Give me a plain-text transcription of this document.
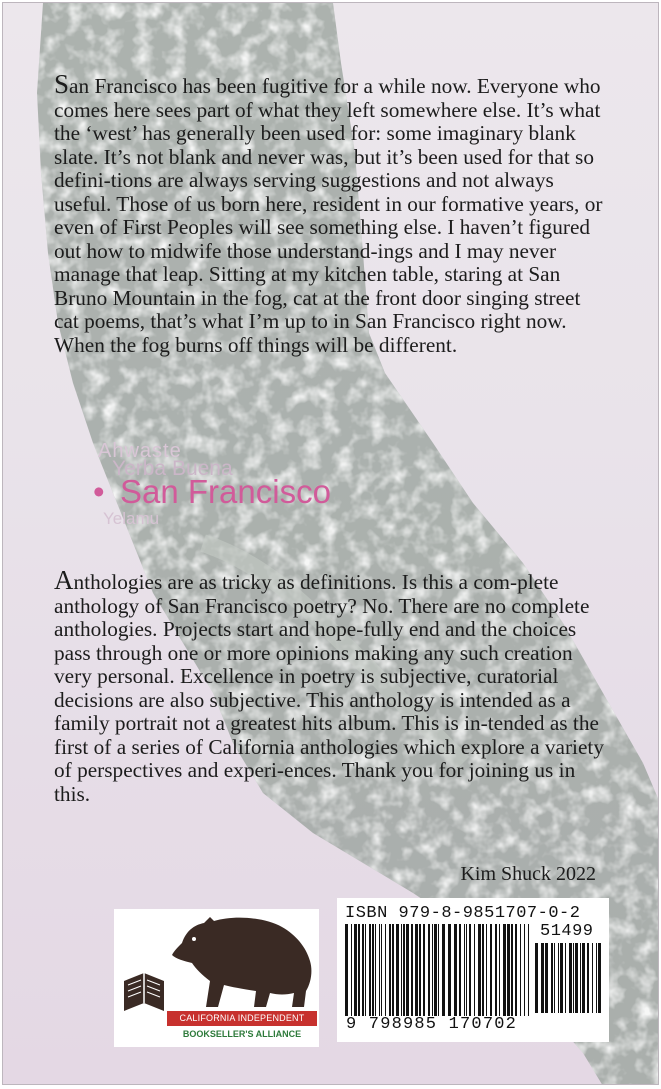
San Francisco has been fugitive for a while now. Everyone who comes here sees part of what they left somewhere else. It’s what the ‘west’ has generally been used for: some imaginary blank slate. It’s not blank and never was, but it’s been used for that so defini-tions are always serving suggestions and not always useful. Those of us born here, resident in our formative years, or even of First Peoples will see something else. I haven’t figured out how to midwife those understand-ings and I may never manage that leap. Sitting at my kitchen table, staring at San Bruno Mountain in the fog, cat at the front door singing street cat poems, that’s what I’m up to in San Francisco right now. When the fog burns off things will be different.

Ahwaste
Yerba Buena
• San Francisco
Yelamu

Anthologies are as tricky as definitions. Is this a com-plete anthology of San Francisco poetry? No. There are no complete anthologies. Projects start and hope-fully end and the choices pass through one or more opinions making any such creation very personal. Excellence in poetry is subjective, curatorial decisions are also subjective. This anthology is intended as a family portrait not a greatest hits album. This is in-tended as the first of a series of California anthologies which explore a variety of perspectives and experi-ences. Thank you for joining us in this.

Kim Shuck 2022

CALIFORNIA INDEPENDENT
BOOKSELLER'S ALLIANCE
ISBN 979-8-9851707-0-2
51499
9 798985 170702
